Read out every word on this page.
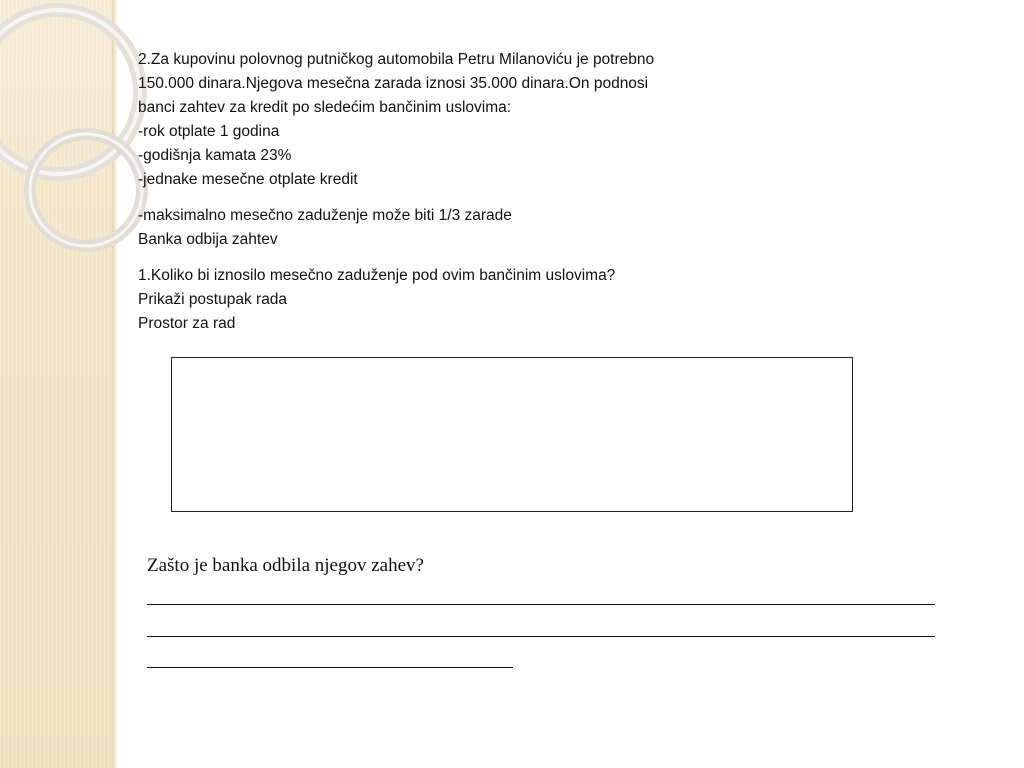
2.Za kupovinu polovnog putničkog automobila Petru Milanoviću je potrebno
150.000 dinara.Njegova mesečna zarada iznosi 35.000 dinara.On podnosi
banci zahtev za kredit po sledećim bančinim uslovima:
-rok otplate 1 godina
-godišnja kamata 23%
-jednake mesečne otplate kredit
-maksimalno mesečno zaduženje može biti 1/3 zarade
Banka odbija zahtev
1.Koliko bi iznosilo mesečno zaduženje pod ovim bančinim uslovima?
Prikaži postupak rada
Prostor za rad
Zašto je banka odbila njegov zahev?
